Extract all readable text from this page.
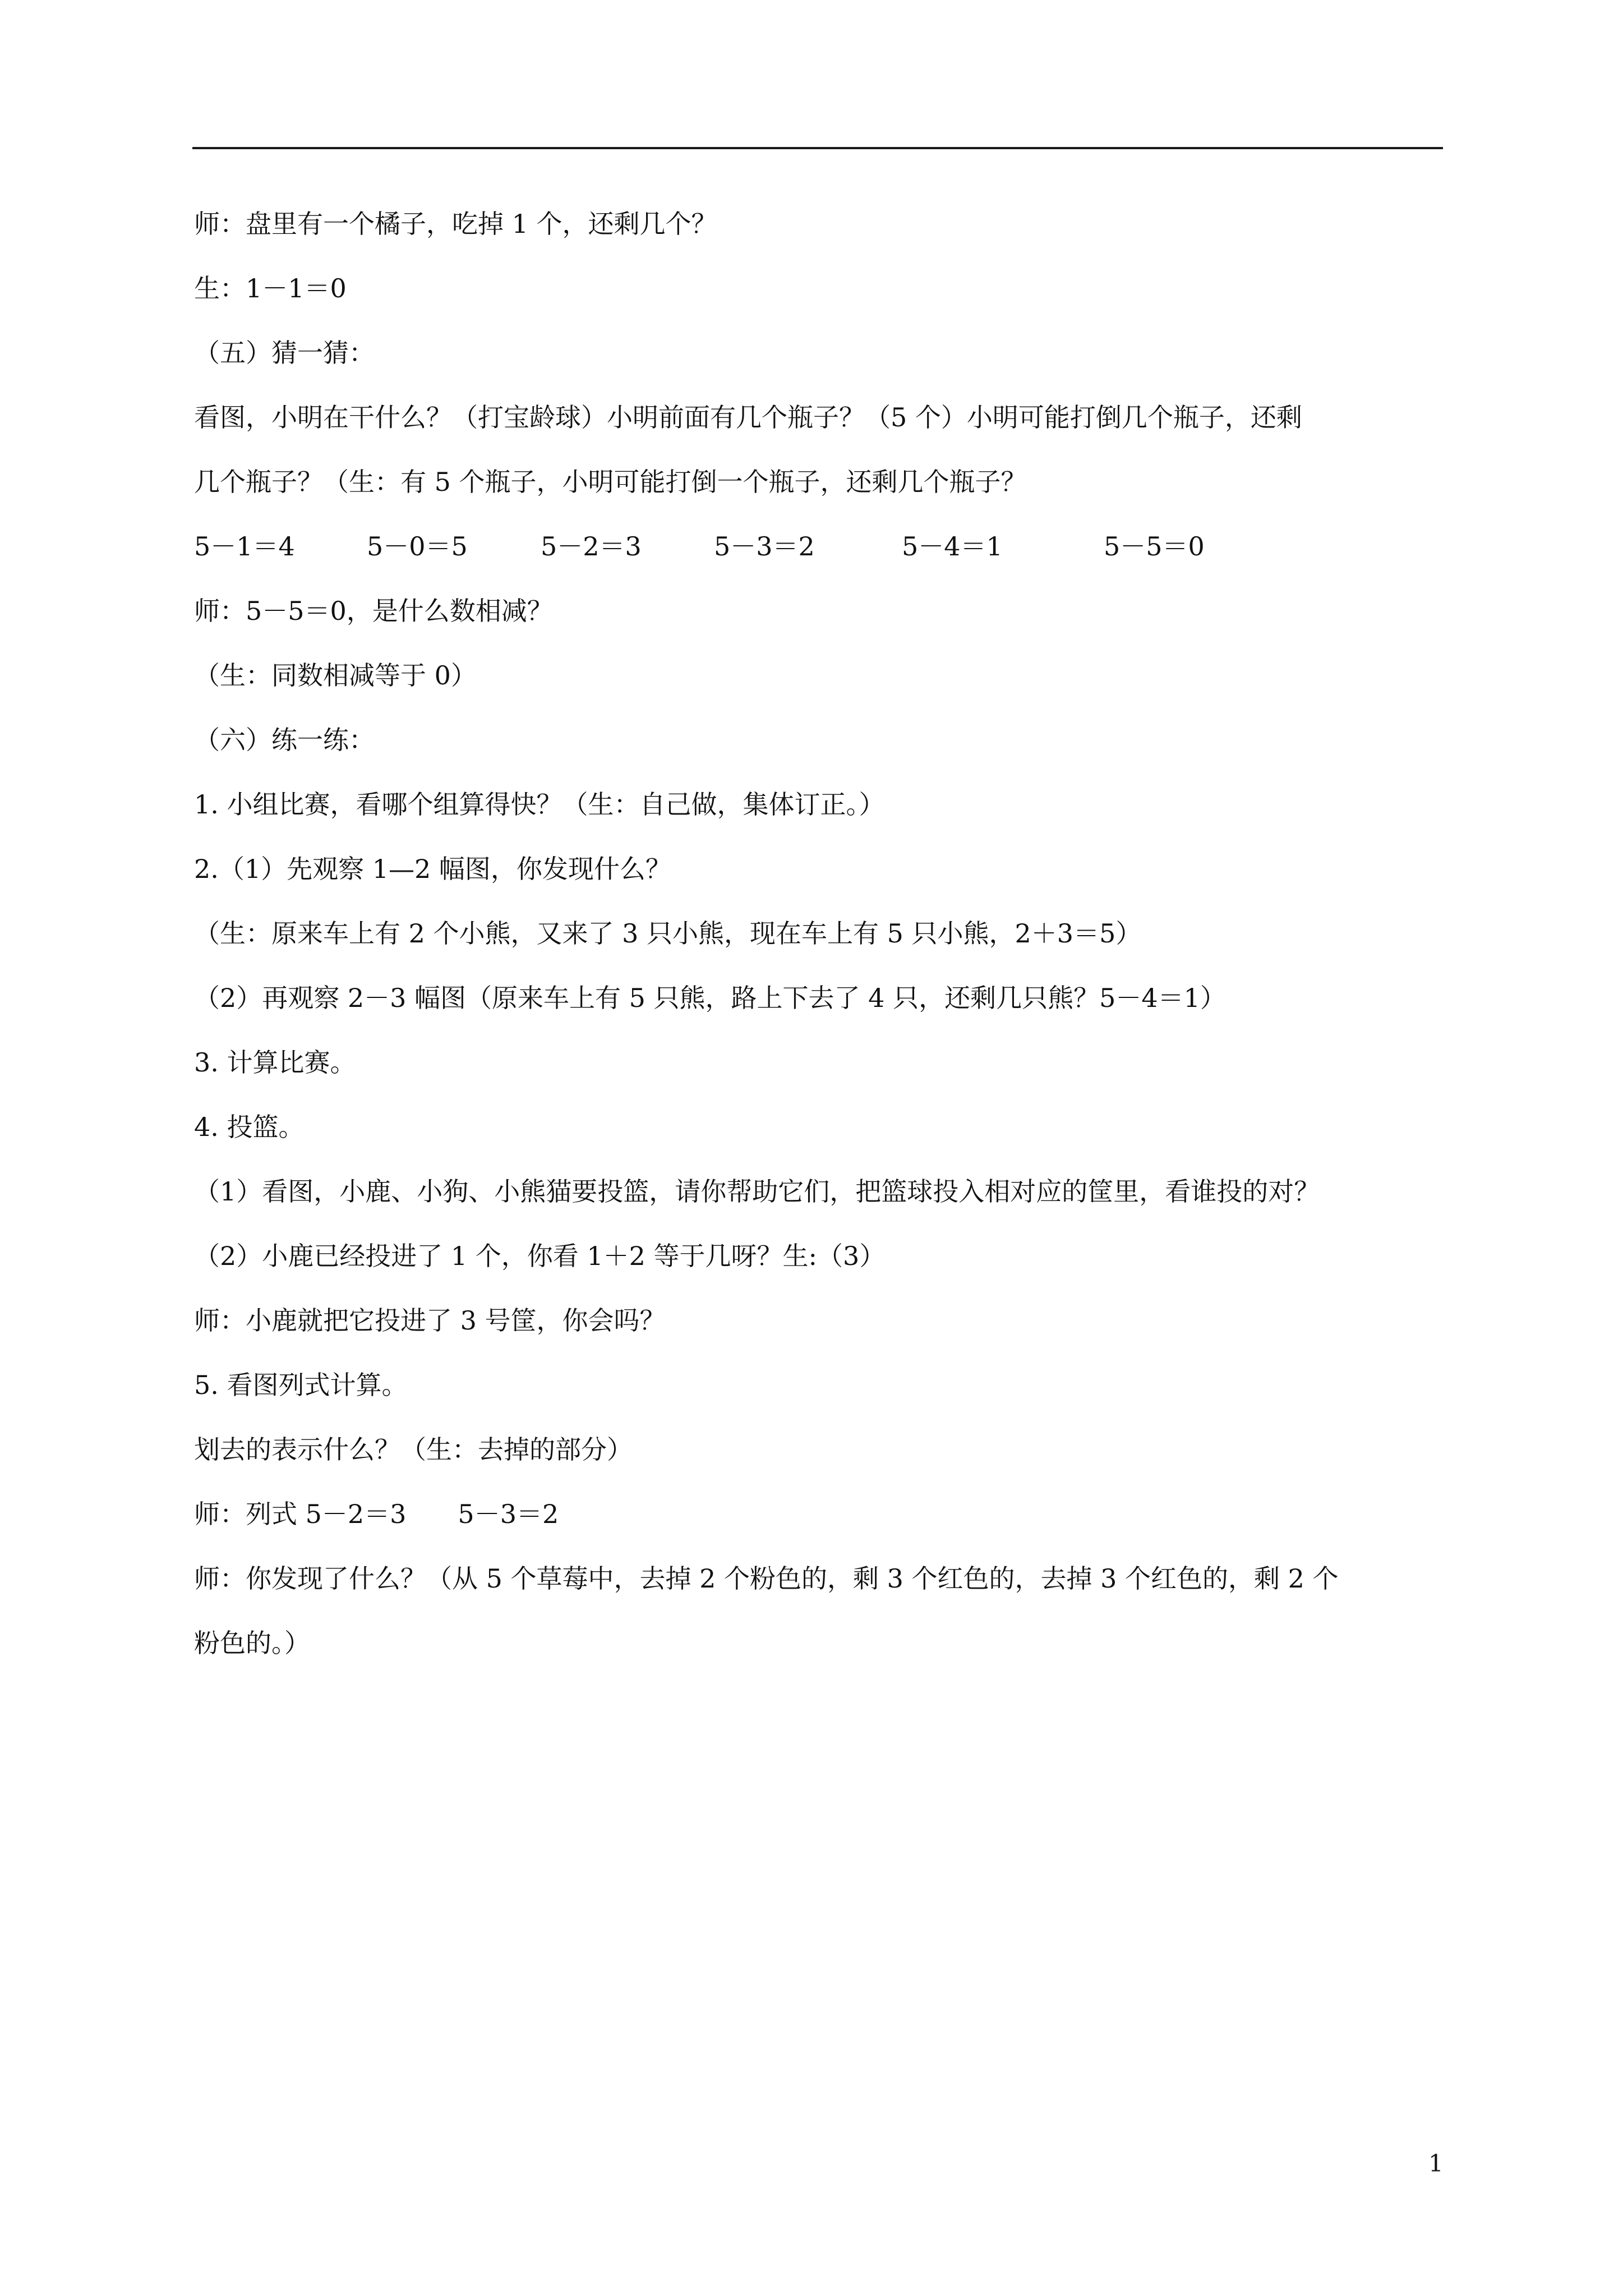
师：盘里有一个橘子，吃掉 1 个，还剩几个？
生：1－1＝0
（五）猜一猜：
看图，小明在干什么？（打宝龄球）小明前面有几个瓶子？（5 个）小明可能打倒几个瓶子，还剩
几个瓶子？（生：有 5 个瓶子，小明可能打倒一个瓶子，还剩几个瓶子？
5－1＝4	5－0＝5	5－2＝3	5－3＝2	5－4＝1	5－5＝0
师：5－5＝0，是什么数相减？
（生：同数相减等于 0）
（六）练一练：
1. 小组比赛，看哪个组算得快？（生：自己做，集体订正。）
2.（1）先观察 1—2 幅图，你发现什么？
（生：原来车上有 2 个小熊，又来了 3 只小熊，现在车上有 5 只小熊，2＋3＝5）
（2）再观察 2－3 幅图（原来车上有 5 只熊，路上下去了 4 只，还剩几只熊？5－4＝1）
3. 计算比赛。
4. 投篮。
（1）看图，小鹿、小狗、小熊猫要投篮，请你帮助它们，把篮球投入相对应的筐里，看谁投的对？
（2）小鹿已经投进了 1 个，你看 1＋2 等于几呀？生:（3）
师：小鹿就把它投进了 3 号筐，你会吗？
5. 看图列式计算。
划去的表示什么？（生：去掉的部分）
师：列式 5－2＝3　　5－3＝2
师：你发现了什么？（从 5 个草莓中，去掉 2 个粉色的，剩 3 个红色的，去掉 3 个红色的，剩 2 个
粉色的。）
1
